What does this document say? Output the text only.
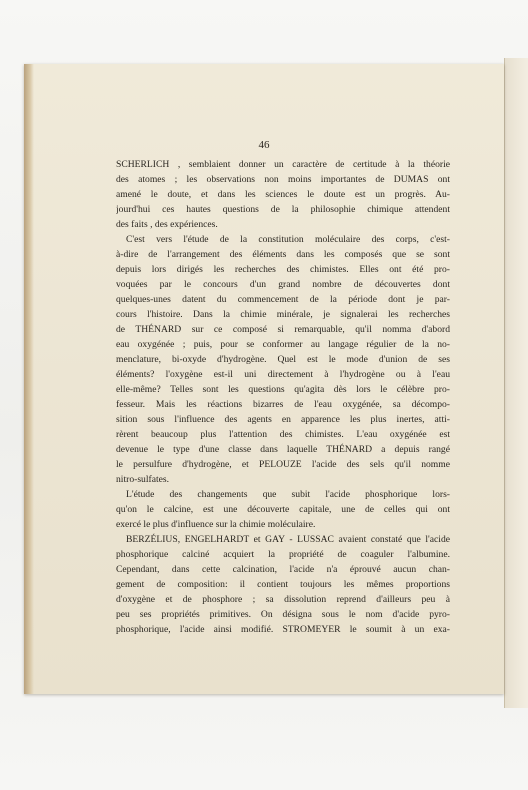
46
SCHERLICH , semblaient donner un caractère de certitude à la théorie
des atomes ; les observations non moins importantes de DUMAS ont
amené le doute, et dans les sciences le doute est un progrès. Au-
jourd'hui ces hautes questions de la philosophie chimique attendent
des faits , des expériences.
C'est vers l'étude de la constitution moléculaire des corps, c'est-
à-dire de l'arrangement des éléments dans les composés que se sont
depuis lors dirigés les recherches des chimistes. Elles ont été pro-
voquées par le concours d'un grand nombre de découvertes dont
quelques-unes datent du commencement de la période dont je par-
cours l'histoire. Dans la chimie minérale, je signalerai les recherches
de THÉNARD sur ce composé si remarquable, qu'il nomma d'abord
eau oxygénée ; puis, pour se conformer au langage régulier de la no-
menclature, bi-oxyde d'hydrogène. Quel est le mode d'union de ses
éléments? l'oxygène est-il uni directement à l'hydrogène ou à l'eau
elle-même? Telles sont les questions qu'agita dès lors le célèbre pro-
fesseur. Mais les réactions bizarres de l'eau oxygénée, sa décompo-
sition sous l'influence des agents en apparence les plus inertes, atti-
rèrent beaucoup plus l'attention des chimistes. L'eau oxygénée est
devenue le type d'une classe dans laquelle THÉNARD a depuis rangé
le persulfure d'hydrogène, et PELOUZE l'acide des sels qu'il nomme
nitro-sulfates.
L'étude des changements que subit l'acide phosphorique lors-
qu'on le calcine, est une découverte capitale, une de celles qui ont
exercé le plus d'influence sur la chimie moléculaire.
BERZÉLIUS, ENGELHARDT et GAY - LUSSAC avaient constaté que l'acide
phosphorique calciné acquiert la propriété de coaguler l'albumine.
Cependant, dans cette calcination, l'acide n'a éprouvé aucun chan-
gement de composition: il contient toujours les mêmes proportions
d'oxygène et de phosphore ; sa dissolution reprend d'ailleurs peu à
peu ses propriétés primitives. On désigna sous le nom d'acide pyro-
phosphorique, l'acide ainsi modifié. STROMEYER le soumit à un exa-
